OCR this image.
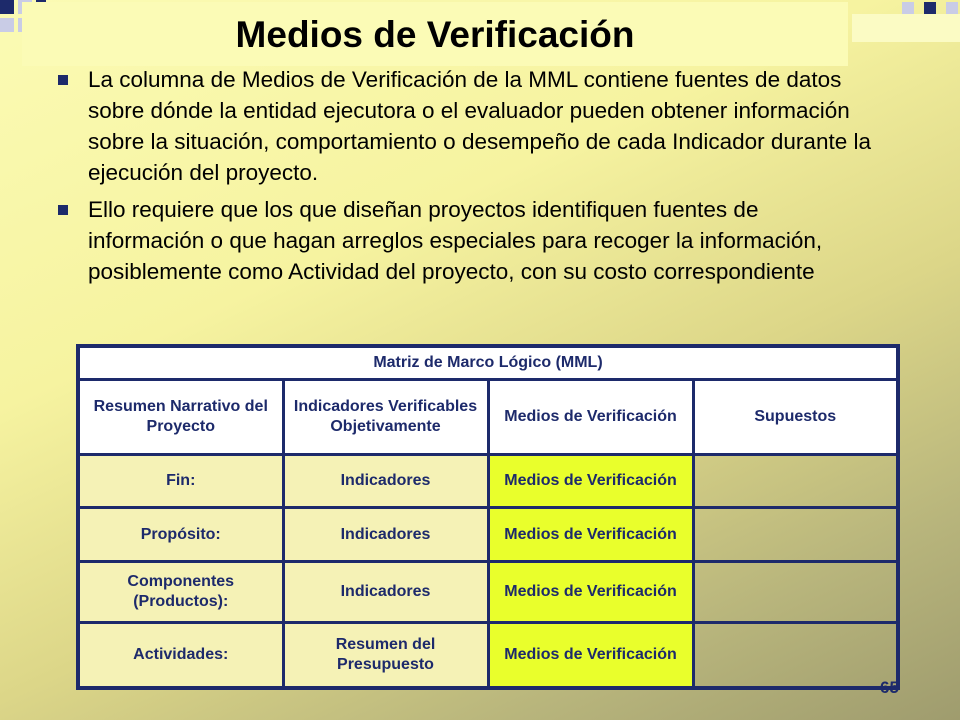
Medios de Verificación
La columna de Medios de Verificación de la MML contiene fuentes de datos sobre dónde la entidad ejecutora o el evaluador pueden obtener información sobre la situación, comportamiento o desempeño de cada Indicador durante la ejecución del proyecto.
Ello requiere que los que diseñan proyectos identifiquen fuentes de información o que hagan arreglos especiales para recoger la información, posiblemente como Actividad del proyecto, con su costo correspondiente
Matriz de Marco Lógico (MML)			
Resumen Narrativo del Proyecto	Indicadores Verificables Objetivamente	Medios de Verificación	Supuestos
Fin:	Indicadores	Medios de Verificación	
Propósito:	Indicadores	Medios de Verificación	
Componentes (Productos):	Indicadores	Medios de Verificación	
Actividades:	Resumen del Presupuesto	Medios de Verificación	
65
